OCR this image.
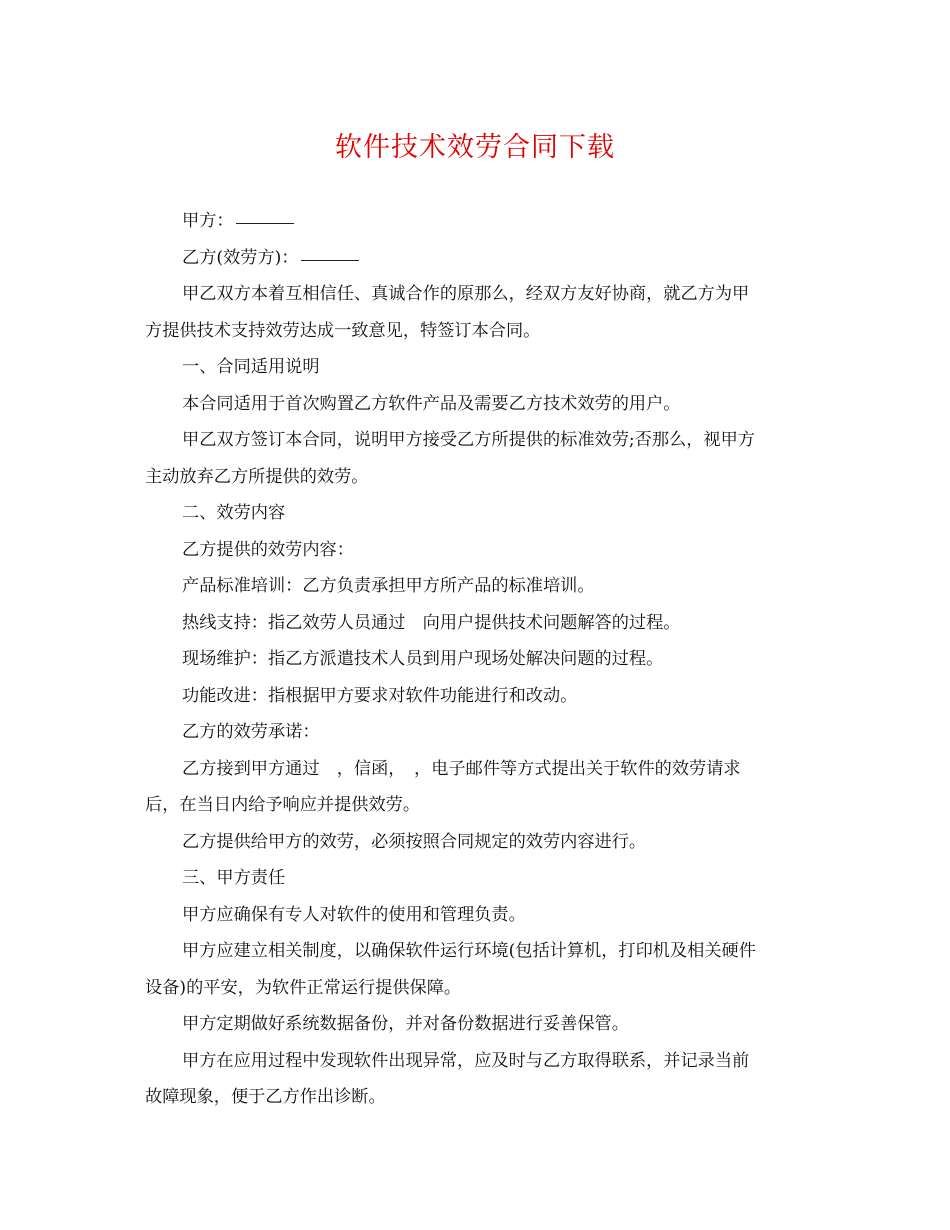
软件技术效劳合同下载

甲方：

乙方(效劳方)：

甲乙双方本着互相信任、真诚合作的原那么，经双方友好协商，就乙方为甲

方提供技术支持效劳达成一致意见，特签订本合同。

一、合同适用说明

本合同适用于首次购置乙方软件产品及需要乙方技术效劳的用户。

甲乙双方签订本合同，说明甲方接受乙方所提供的标准效劳;否那么，视甲方

主动放弃乙方所提供的效劳。

二、效劳内容

乙方提供的效劳内容：

产品标准培训：乙方负责承担甲方所产品的标准培训。

热线支持：指乙效劳人员通过　向用户提供技术问题解答的过程。

现场维护：指乙方派遣技术人员到用户现场处解决问题的过程。

功能改进：指根据甲方要求对软件功能进行和改动。

乙方的效劳承诺：

乙方接到甲方通过　，信函，　，电子邮件等方式提出关于软件的效劳请求

后，在当日内给予响应并提供效劳。

乙方提供给甲方的效劳，必须按照合同规定的效劳内容进行。

三、甲方责任

甲方应确保有专人对软件的使用和管理负责。

甲方应建立相关制度，以确保软件运行环境(包括计算机，打印机及相关硬件

设备)的平安，为软件正常运行提供保障。

甲方定期做好系统数据备份，并对备份数据进行妥善保管。

甲方在应用过程中发现软件出现异常，应及时与乙方取得联系，并记录当前

故障现象，便于乙方作出诊断。
